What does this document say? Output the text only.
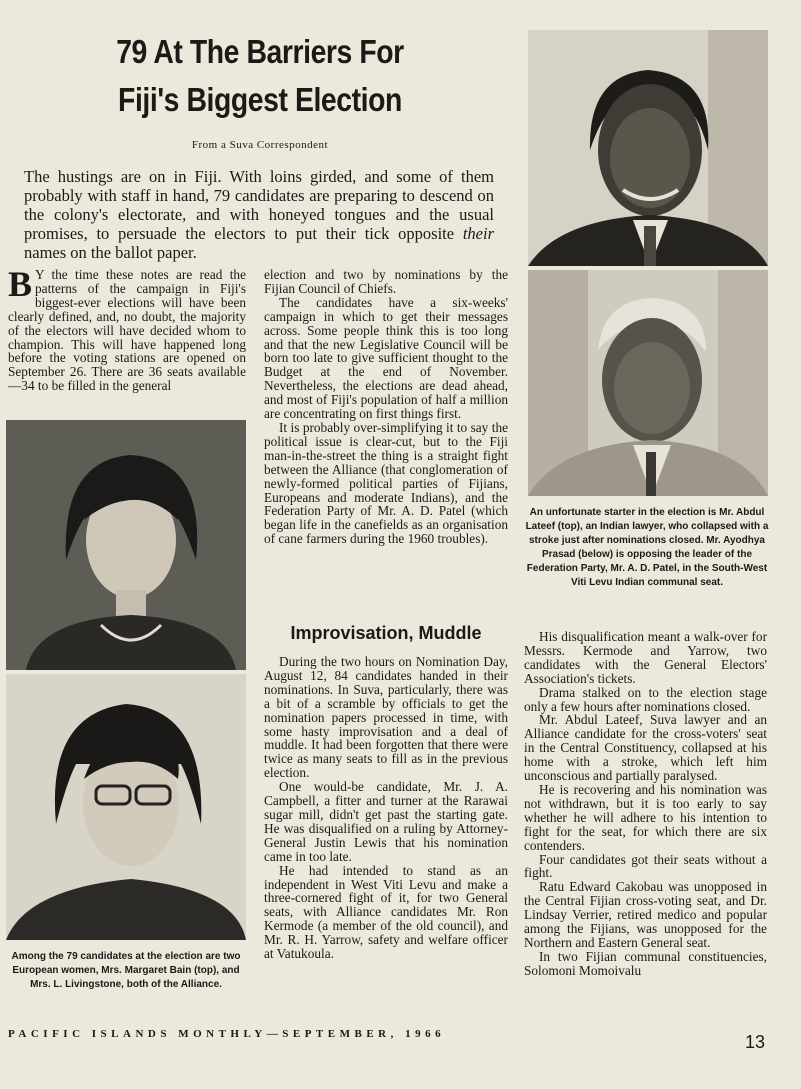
79 At The Barriers For
Fiji's Biggest Election
From a Suva Correspondent
The hustings are on in Fiji. With loins girded, and some of them probably with staff in hand, 79 candidates are preparing to descend on the colony's electorate, and with honeyed tongues and the usual promises, to persuade the electors to put their tick opposite their names on the ballot paper.

B Y the time these notes are read the patterns of the campaign in Fiji's biggest-ever elections will have been clearly defined, and, no doubt, the majority of the electors will have decided whom to champion. This will have happened long before the voting stations are opened on September 26. There are 36 seats available—34 to be filled in the general

Among the 79 candidates at the election are two European women, Mrs. Margaret Bain (top), and Mrs. L. Livingstone, both of the Alliance.

election and two by nominations by the Fijian Council of Chiefs.

The candidates have a six-weeks' campaign in which to get their messages across. Some people think this is too long and that the new Legislative Council will be born too late to give sufficient thought to the Budget at the end of November. Nevertheless, the elections are dead ahead, and most of Fiji's population of half a million are concentrating on first things first.

It is probably over-simplifying it to say the political issue is clear-cut, but to the Fiji man-in-the-street the thing is a straight fight between the Alliance (that conglomeration of newly-formed political parties of Fijians, Europeans and moderate Indians), and the Federation Party of Mr. A. D. Patel (which began life in the canefields as an organisation of cane farmers during the 1960 troubles).

Improvisation, Muddle

During the two hours on Nomination Day, August 12, 84 candidates handed in their nominations. In Suva, particularly, there was a bit of a scramble by officials to get the nomination papers processed in time, with some hasty improvisation and a deal of muddle. It had been forgotten that there were twice as many seats to fill as in the previous election.

One would-be candidate, Mr. J. A. Campbell, a fitter and turner at the Rarawai sugar mill, didn't get past the starting gate. He was disqualified on a ruling by Attorney-General Justin Lewis that his nomination came in too late.

He had intended to stand as an independent in West Viti Levu and make a three-cornered fight of it, for two General seats, with Alliance candidates Mr. Ron Kermode (a member of the old council), and Mr. R. H. Yarrow, safety and welfare officer at Vatukoula.

An unfortunate starter in the election is Mr. Abdul Lateef (top), an Indian lawyer, who collapsed with a stroke just after nominations closed. Mr. Ayodhya Prasad (below) is opposing the leader of the Federation Party, Mr. A. D. Patel, in the South-West Viti Levu Indian communal seat.

His disqualification meant a walk-over for Messrs. Kermode and Yarrow, two candidates with the General Electors' Association's tickets.

Drama stalked on to the election stage only a few hours after nominations closed.

Mr. Abdul Lateef, Suva lawyer and an Alliance candidate for the cross-voters' seat in the Central Constituency, collapsed at his home with a stroke, which left him unconscious and partially paralysed.

He is recovering and his nomination was not withdrawn, but it is too early to say whether he will adhere to his intention to fight for the seat, for which there are six contenders.

Four candidates got their seats without a fight.

Ratu Edward Cakobau was unopposed in the Central Fijian cross-voting seat, and Dr. Lindsay Verrier, retired medico and popular among the Fijians, was unopposed for the Northern and Eastern General seat.

In two Fijian communal constituencies, Solomoni Momoivalu

PACIFIC ISLANDS MONTHLY—SEPTEMBER, 1966	13
